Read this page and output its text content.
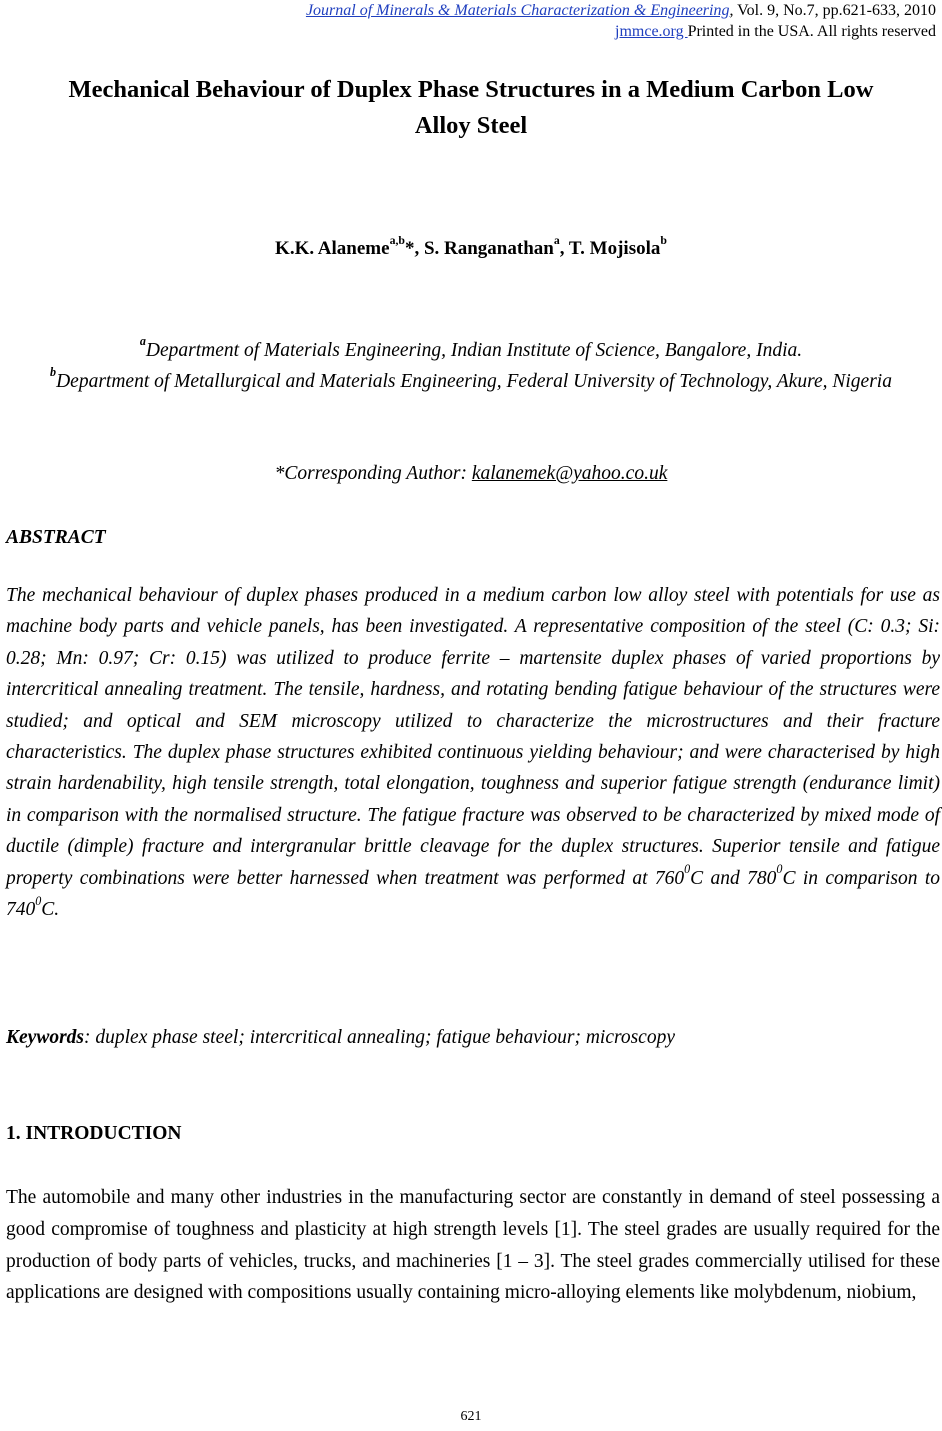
Journal of Minerals & Materials Characterization & Engineering, Vol. 9, No.7, pp.621-633, 2010
jmmce.org Printed in the USA. All rights reserved
Mechanical Behaviour of Duplex Phase Structures in a Medium Carbon Low
Alloy Steel
K.K. Alaneme$^{a,b}$*, S. Ranganathan$^a$, T. Mojisola$^b$
$^a$Department of Materials Engineering, Indian Institute of Science, Bangalore, India.
$^b$Department of Metallurgical and Materials Engineering, Federal University of Technology, Akure, Nigeria
*Corresponding Author: kalanemek@yahoo.co.uk
ABSTRACT
The mechanical behaviour of duplex phases produced in a medium carbon low alloy steel with potentials for use as machine body parts and vehicle panels, has been investigated. A representative composition of the steel (C: 0.3; Si: 0.28; Mn: 0.97; Cr: 0.15) was utilized to produce ferrite – martensite duplex phases of varied proportions by intercritical annealing treatment. The tensile, hardness, and rotating bending fatigue behaviour of the structures were studied; and optical and SEM microscopy utilized to characterize the microstructures and their fracture characteristics. The duplex phase structures exhibited continuous yielding behaviour; and were characterised by high strain hardenability, high tensile strength, total elongation, toughness and superior fatigue strength (endurance limit) in comparison with the normalised structure. The fatigue fracture was observed to be characterized by mixed mode of ductile (dimple) fracture and intergranular brittle cleavage for the duplex structures. Superior tensile and fatigue property combinations were better harnessed when treatment was performed at $760^0C$ and $780^0C$ in comparison to $740^0C$.
Keywords: duplex phase steel; intercritical annealing; fatigue behaviour; microscopy
1. INTRODUCTION
The automobile and many other industries in the manufacturing sector are constantly in demand of steel possessing a good compromise of toughness and plasticity at high strength levels [1]. The steel grades are usually required for the production of body parts of vehicles, trucks, and machineries [1 – 3]. The steel grades commercially utilised for these applications are designed with compositions usually containing micro-alloying elements like molybdenum, niobium,
621
